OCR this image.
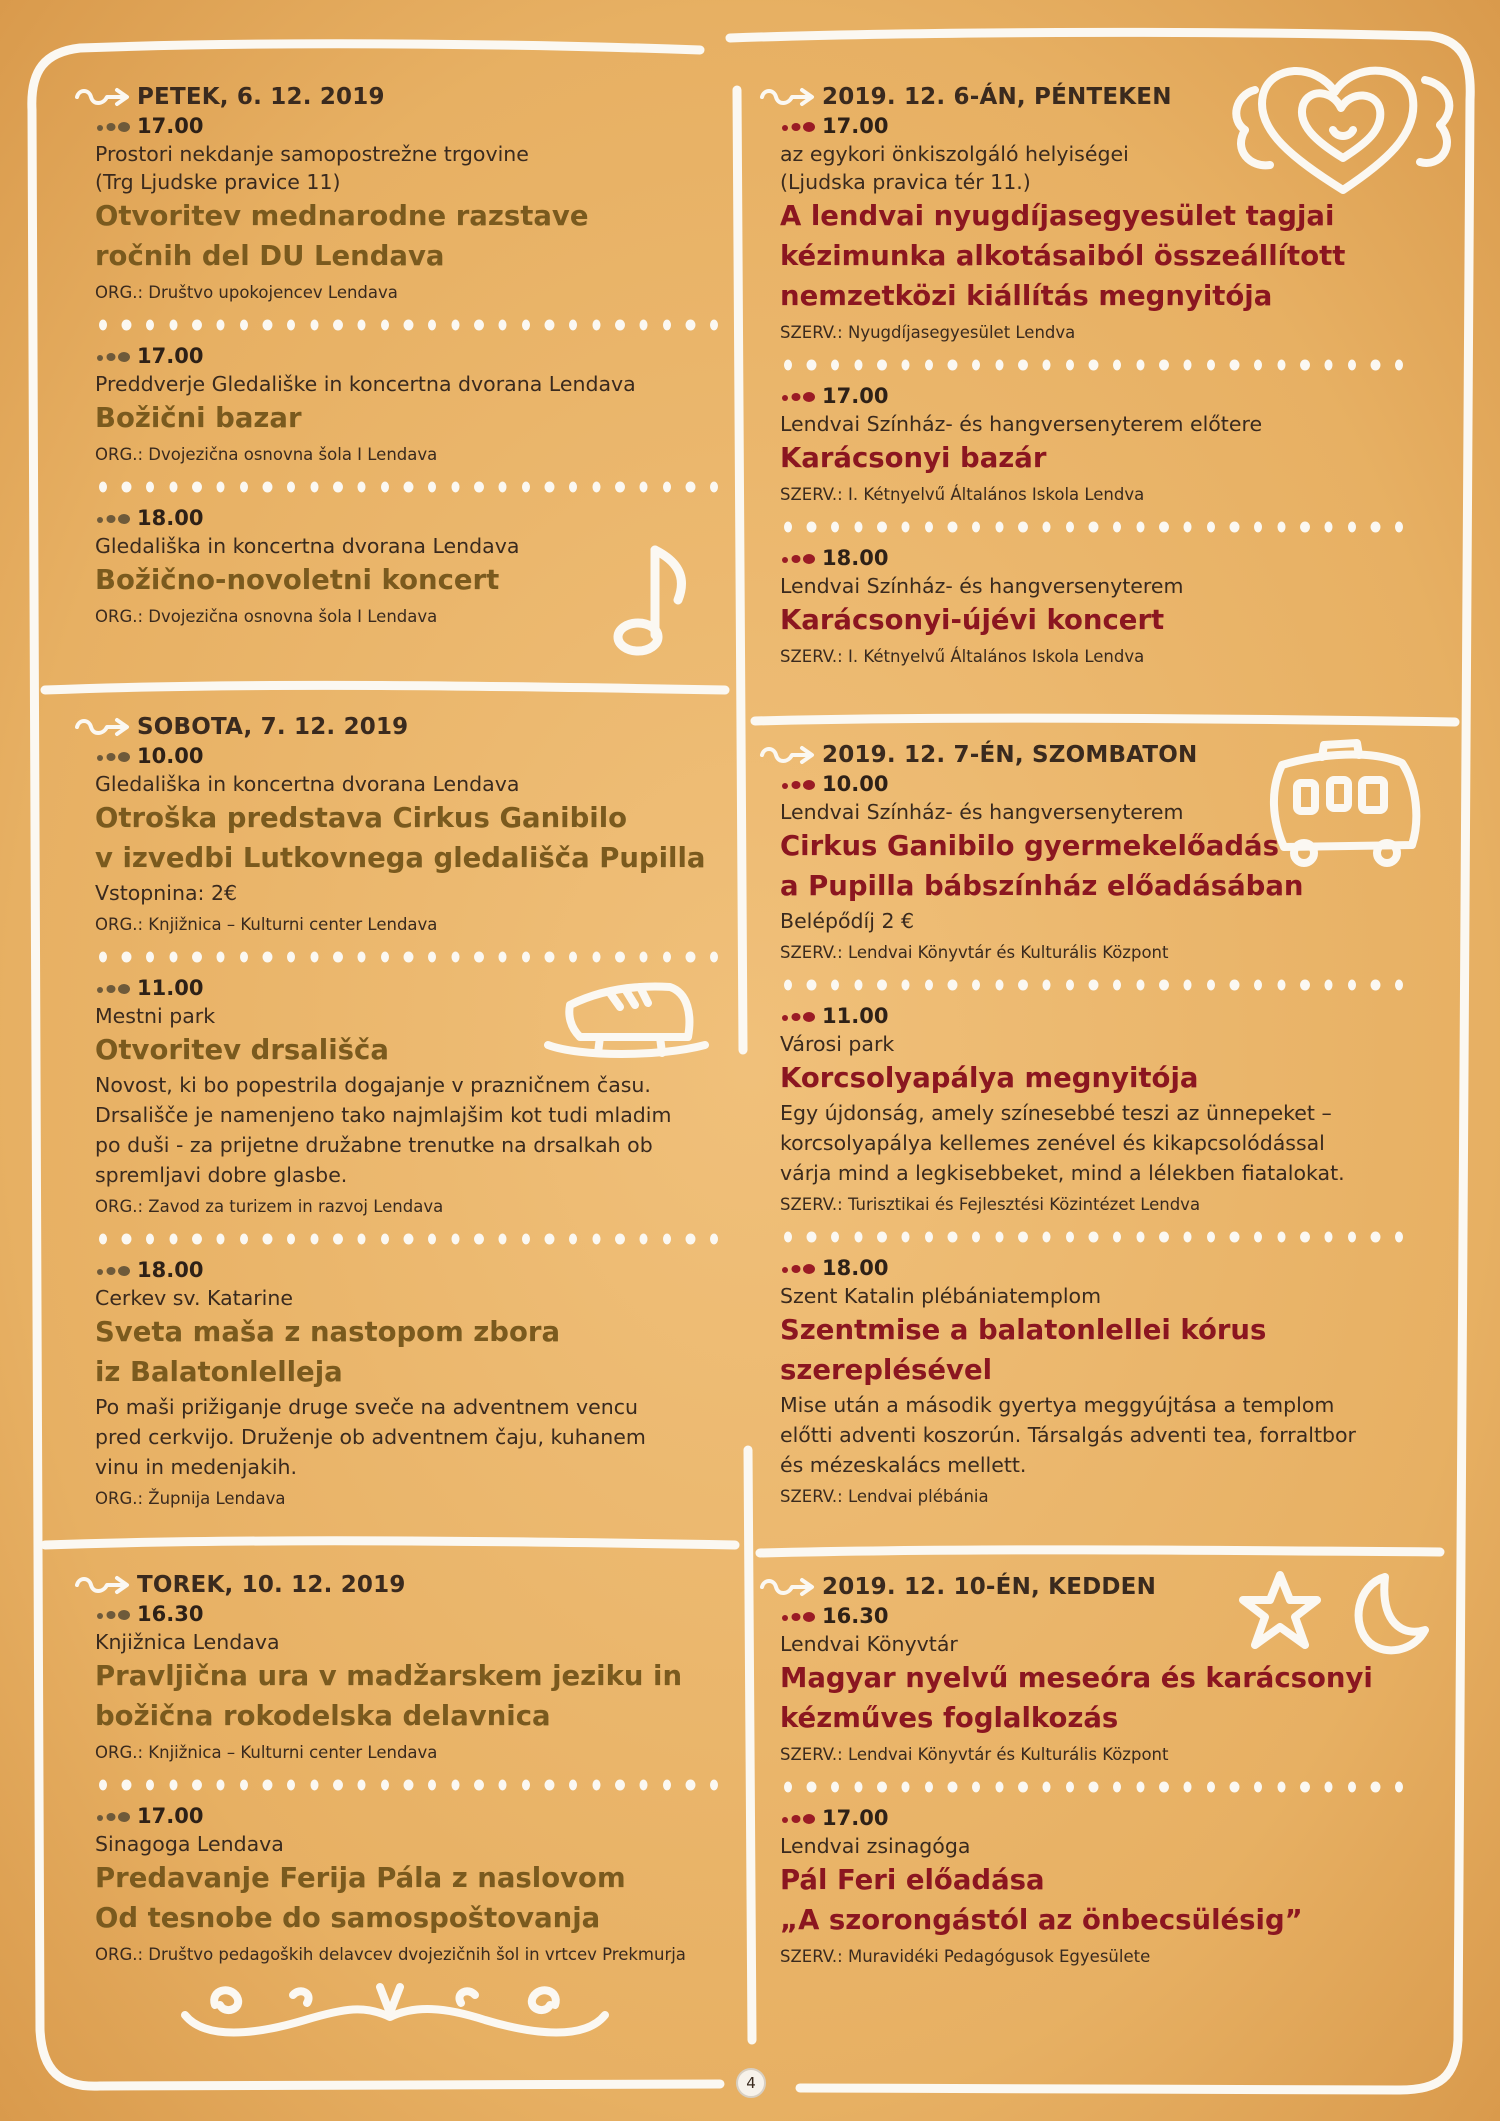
PETEK, 6. 12. 2019
17.00
Prostori nekdanje samopostrežne trgovine
(Trg Ljudske pravice 11)
Otvoritev mednarodne razstave
ročnih del DU Lendava
ORG.: Društvo upokojencev Lendava
17.00
Preddverje Gledališke in koncertna dvorana Lendava
Božični bazar
ORG.: Dvojezična osnovna šola I Lendava
18.00
Gledališka in koncertna dvorana Lendava
Božično-novoletni koncert
ORG.: Dvojezična osnovna šola I Lendava
SOBOTA, 7. 12. 2019
10.00
Gledališka in koncertna dvorana Lendava
Otroška predstava Cirkus Ganibilo
v izvedbi Lutkovnega gledališča Pupilla
Vstopnina: 2€
ORG.: Knjižnica – Kulturni center Lendava
11.00
Mestni park
Otvoritev drsališča
Novost, ki bo popestrila dogajanje v prazničnem času.
Drsališče je namenjeno tako najmlajšim kot tudi mladim
po duši - za prijetne družabne trenutke na drsalkah ob
spremljavi dobre glasbe.
ORG.: Zavod za turizem in razvoj Lendava
18.00
Cerkev sv. Katarine
Sveta maša z nastopom zbora
iz Balatonlelleja
Po maši prižiganje druge sveče na adventnem vencu
pred cerkvijo. Druženje ob adventnem čaju, kuhanem
vinu in medenjakih.
ORG.: Župnija Lendava
TOREK, 10. 12. 2019
16.30
Knjižnica Lendava
Pravljična ura v madžarskem jeziku in
božična rokodelska delavnica
ORG.: Knjižnica – Kulturni center Lendava
17.00
Sinagoga Lendava
Predavanje Ferija Pála z naslovom
Od tesnobe do samospoštovanja
ORG.: Društvo pedagoških delavcev dvojezičnih šol in vrtcev Prekmurja
2019. 12. 6-ÁN, PÉNTEKEN
17.00
az egykori önkiszolgáló helyiségei
(Ljudska pravica tér 11.)
A lendvai nyugdíjasegyesület tagjai
kézimunka alkotásaiból összeállított
nemzetközi kiállítás megnyitója
SZERV.: Nyugdíjasegyesület Lendva
17.00
Lendvai Színház- és hangversenyterem előtere
Karácsonyi bazár
SZERV.: I. Kétnyelvű Általános Iskola Lendva
18.00
Lendvai Színház- és hangversenyterem
Karácsonyi-újévi koncert
SZERV.: I. Kétnyelvű Általános Iskola Lendva
2019. 12. 7-ÉN, SZOMBATON
10.00
Lendvai Színház- és hangversenyterem
Cirkus Ganibilo gyermekelőadás
a Pupilla bábszínház előadásában
Belépődíj 2 €
SZERV.: Lendvai Könyvtár és Kulturális Központ
11.00
Városi park
Korcsolyapálya megnyitója
Egy újdonság, amely színesebbé teszi az ünnepeket –
korcsolyapálya kellemes zenével és kikapcsolódással
várja mind a legkisebbeket, mind a lélekben fiatalokat.
SZERV.: Turisztikai és Fejlesztési Közintézet Lendva
18.00
Szent Katalin plébániatemplom
Szentmise a balatonlellei kórus
szereplésével
Mise után a második gyertya meggyújtása a templom
előtti adventi koszorún. Társalgás adventi tea, forraltbor
és mézeskalács mellett.
SZERV.: Lendvai plébánia
2019. 12. 10-ÉN, KEDDEN
16.30
Lendvai Könyvtár
Magyar nyelvű meseóra és karácsonyi
kézműves foglalkozás
SZERV.: Lendvai Könyvtár és Kulturális Központ
17.00
Lendvai zsinagóga
Pál Feri előadása
„A szorongástól az önbecsülésig”
SZERV.: Muravidéki Pedagógusok Egyesülete
4
